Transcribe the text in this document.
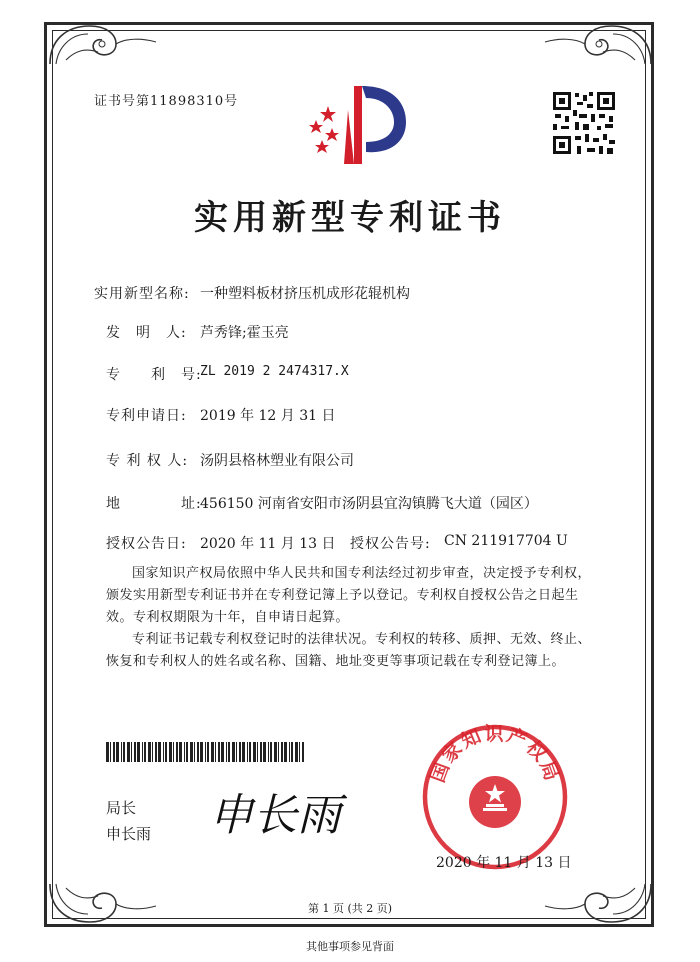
证书号第11898310号
实用新型专利证书
实用新型名称: 一种塑料板材挤压机成形花辊机构
发　明　人: 芦秀锋;霍玉亮
专　　利　号:
ZL 2019 2 2474317.X
专利申请日: 2019 年 12 月 31 日
专 利 权 人: 汤阴县格林塑业有限公司
地　　　　址:
456150 河南省安阳市汤阴县宜沟镇腾飞大道（园区）
授权公告日: 2020 年 11 月 13 日 授权公告号: CN 211917704 U
国家知识产权局依照中华人民共和国专利法经过初步审查，决定授予专利权，颁发实用新型专利证书并在专利登记簿上予以登记。专利权自授权公告之日起生效。专利权期限为十年，自申请日起算。
专利证书记载专利权登记时的法律状况。专利权的转移、质押、无效、终止、恢复和专利权人的姓名或名称、国籍、地址变更等事项记载在专利登记簿上。
局长
申长雨 申长雨
国家知识产权局
2020 年 11 月 13 日
第 1 页 (共 2 页)
其他事项参见背面
